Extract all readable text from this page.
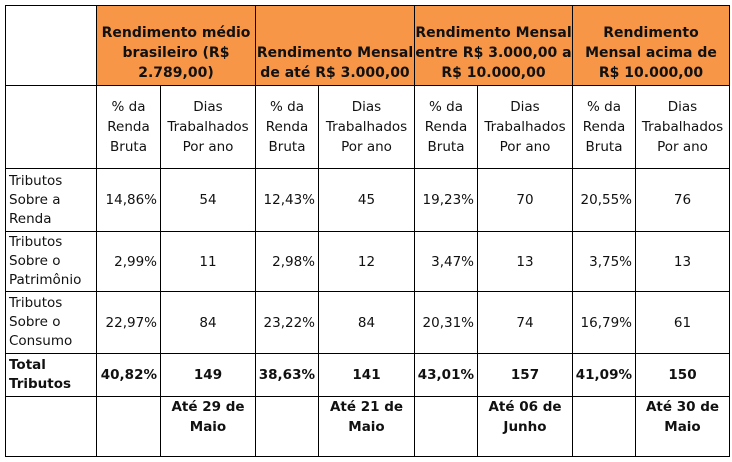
	Rendimento médio brasileiro (R$ 2.789,00)		Rendimento Mensal de até R$ 3.000,00		Rendimento Mensal entre R$ 3.000,00 a R$ 10.000,00		Rendimento Mensal acima de R$ 10.000,00	
	% da Renda Bruta	Dias Trabalhados Por ano	% da Renda Bruta	Dias Trabalhados Por ano	% da Renda Bruta	Dias Trabalhados Por ano	% da Renda Bruta	Dias Trabalhados Por ano
Tributos Sobre a Renda	14,86%	54	12,43%	45	19,23%	70	20,55%	76
Tributos Sobre o Patrimônio	2,99%	11	2,98%	12	3,47%	13	3,75%	13
Tributos Sobre o Consumo	22,97%	84	23,22%	84	20,31%	74	16,79%	61
Total Tributos	40,82%	149	38,63%	141	43,01%	157	41,09%	150
		Até 29 de Maio		Até 21 de Maio		Até 06 de Junho		Até 30 de Maio
